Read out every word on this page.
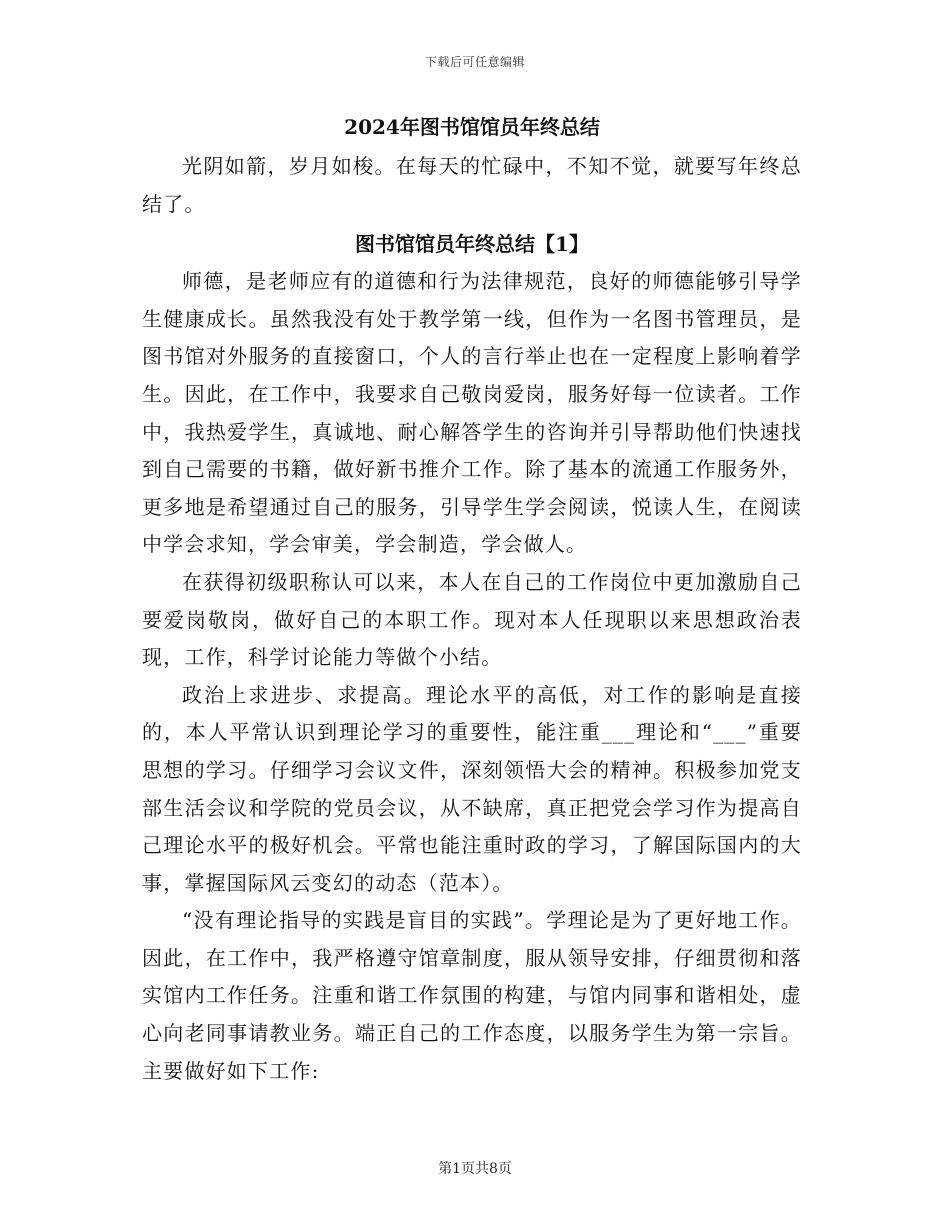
下载后可任意编辑
2024年图书馆馆员年终总结

光阴如箭，岁月如梭。在每天的忙碌中，不知不觉，就要写年终总结了。

图书馆馆员年终总结【1】

师德，是老师应有的道德和行为法律规范，良好的师德能够引导学生健康成长。虽然我没有处于教学第一线，但作为一名图书管理员，是图书馆对外服务的直接窗口，个人的言行举止也在一定程度上影响着学生。因此，在工作中，我要求自己敬岗爱岗，服务好每一位读者。工作中，我热爱学生，真诚地、耐心解答学生的咨询并引导帮助他们快速找到自己需要的书籍，做好新书推介工作。除了基本的流通工作服务外，更多地是希望通过自己的服务，引导学生学会阅读，悦读人生，在阅读中学会求知，学会审美，学会制造，学会做人。

在获得初级职称认可以来，本人在自己的工作岗位中更加激励自己要爱岗敬岗，做好自己的本职工作。现对本人任现职以来思想政治表现，工作，科学讨论能力等做个小结。

政治上求进步、求提高。理论水平的高低，对工作的影响是直接的，本人平常认识到理论学习的重要性，能注重___理论和“___”重要思想的学习。仔细学习会议文件，深刻领悟大会的精神。积极参加党支部生活会议和学院的党员会议，从不缺席，真正把党会学习作为提高自己理论水平的极好机会。平常也能注重时政的学习，了解国际国内的大事，掌握国际风云变幻的动态（范本）。

“没有理论指导的实践是盲目的实践”。学理论是为了更好地工作。因此，在工作中，我严格遵守馆章制度，服从领导安排，仔细贯彻和落实馆内工作任务。注重和谐工作氛围的构建，与馆内同事和谐相处，虚心向老同事请教业务。端正自己的工作态度，以服务学生为第一宗旨。主要做好如下工作:

第1页共8页
